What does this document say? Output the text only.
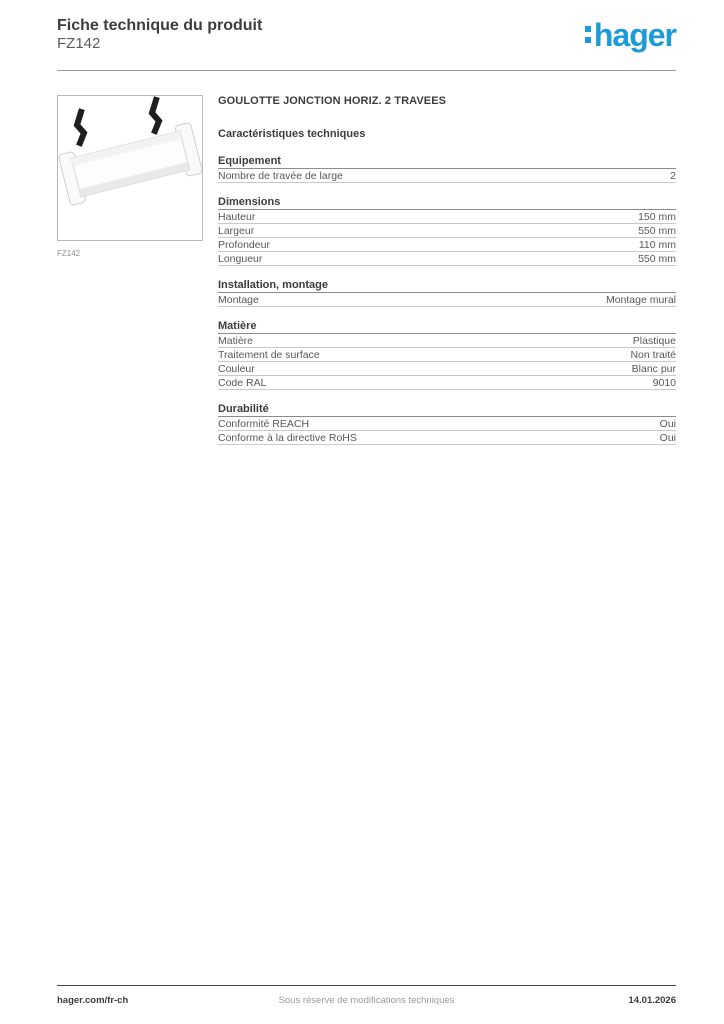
Fiche technique du produit

FZ142	hager
FZ142

GOULOTTE JONCTION HORIZ. 2 TRAVEES

Caractéristiques techniques

Equipement
Nombre de travée de large	2
Dimensions
Hauteur	150 mm
Largeur	550 mm
Profondeur	110 mm
Longueur	550 mm
Installation, montage
Montage	Montage mural
Matière
Matière	Plastique
Traitement de surface	Non traité
Couleur	Blanc pur
Code RAL	9010
Durabilité
Conformité REACH	Oui
Conforme à la directive RoHS	Oui
hager.com/fr-ch	Sous réserve de modifications techniques	14.01.2026
